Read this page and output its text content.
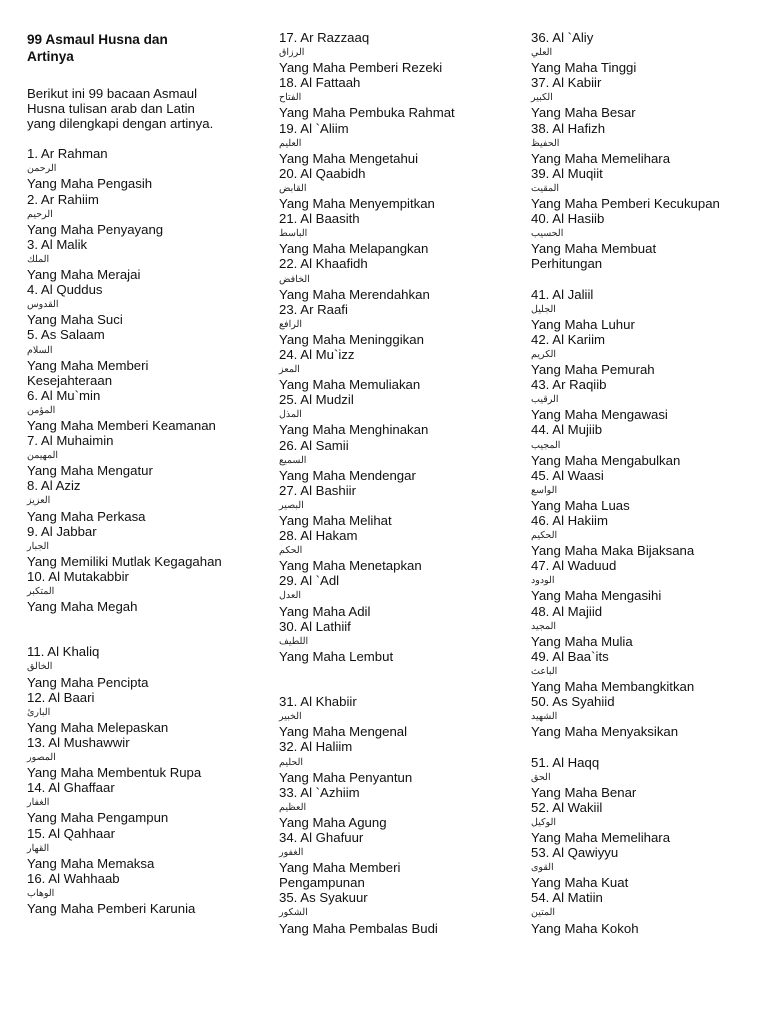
99 Asmaul Husna dan
Artinya
Berikut ini 99 bacaan Asmaul
Husna tulisan arab dan Latin
yang dilengkapi dengan artinya.
1. Ar Rahman
الرحمن
Yang Maha Pengasih
2. Ar Rahiim
الرحيم
Yang Maha Penyayang
3. Al Malik
الملك
Yang Maha Merajai
4. Al Quddus
القدوس
Yang Maha Suci
5. As Salaam
السلام
Yang Maha Memberi
Kesejahteraan
6. Al Mu`min
المؤمن
Yang Maha Memberi Keamanan
7. Al Muhaimin
المهيمن
Yang Maha Mengatur
8. Al Aziz
العزيز
Yang Maha Perkasa
9. Al Jabbar
الجبار
Yang Memiliki Mutlak Kegagahan
10. Al Mutakabbir
المتكبر
Yang Maha Megah
11. Al Khaliq
الخالق
Yang Maha Pencipta
12. Al Baari
البارئ
Yang Maha Melepaskan
13. Al Mushawwir
المصور
Yang Maha Membentuk Rupa
14. Al Ghaffaar
الغفار
Yang Maha Pengampun
15. Al Qahhaar
القهار
Yang Maha Memaksa
16. Al Wahhaab
الوهاب
Yang Maha Pemberi Karunia
17. Ar Razzaaq
الرزاق
Yang Maha Pemberi Rezeki
18. Al Fattaah
الفتاح
Yang Maha Pembuka Rahmat
19. Al `Aliim
العليم
Yang Maha Mengetahui
20. Al Qaabidh
القابض
Yang Maha Menyempitkan
21. Al Baasith
الباسط
Yang Maha Melapangkan
22. Al Khaafidh
الخافض
Yang Maha Merendahkan
23. Ar Raafi
الرافع
Yang Maha Meninggikan
24. Al Mu`izz
المعز
Yang Maha Memuliakan
25. Al Mudzil
المذل
Yang Maha Menghinakan
26. Al Samii
السميع
Yang Maha Mendengar
27. Al Bashiir
البصير
Yang Maha Melihat
28. Al Hakam
الحكم
Yang Maha Menetapkan
29. Al `Adl
العدل
Yang Maha Adil
30. Al Lathiif
اللطيف
Yang Maha Lembut
31. Al Khabiir
الخبير
Yang Maha Mengenal
32. Al Haliim
الحليم
Yang Maha Penyantun
33. Al `Azhiim
العظيم
Yang Maha Agung
34. Al Ghafuur
الغفور
Yang Maha Memberi
Pengampunan
35. As Syakuur
الشكور
Yang Maha Pembalas Budi
36. Al `Aliy
العلي
Yang Maha Tinggi
37. Al Kabiir
الكبير
Yang Maha Besar
38. Al Hafizh
الحفيظ
Yang Maha Memelihara
39. Al Muqiit
المقيت
Yang Maha Pemberi Kecukupan
40. Al Hasiib
الحسيب
Yang Maha Membuat
Perhitungan
41. Al Jaliil
الجليل
Yang Maha Luhur
42. Al Kariim
الكريم
Yang Maha Pemurah
43. Ar Raqiib
الرقيب
Yang Maha Mengawasi
44. Al Mujiib
المجيب
Yang Maha Mengabulkan
45. Al Waasi
الواسع
Yang Maha Luas
46. Al Hakiim
الحكيم
Yang Maha Maka Bijaksana
47. Al Waduud
الودود
Yang Maha Mengasihi
48. Al Majiid
المجيد
Yang Maha Mulia
49. Al Baa`its
الباعث
Yang Maha Membangkitkan
50. As Syahiid
الشهيد
Yang Maha Menyaksikan
51. Al Haqq
الحق
Yang Maha Benar
52. Al Wakiil
الوكيل
Yang Maha Memelihara
53. Al Qawiyyu
القوى
Yang Maha Kuat
54. Al Matiin
المتين
Yang Maha Kokoh
